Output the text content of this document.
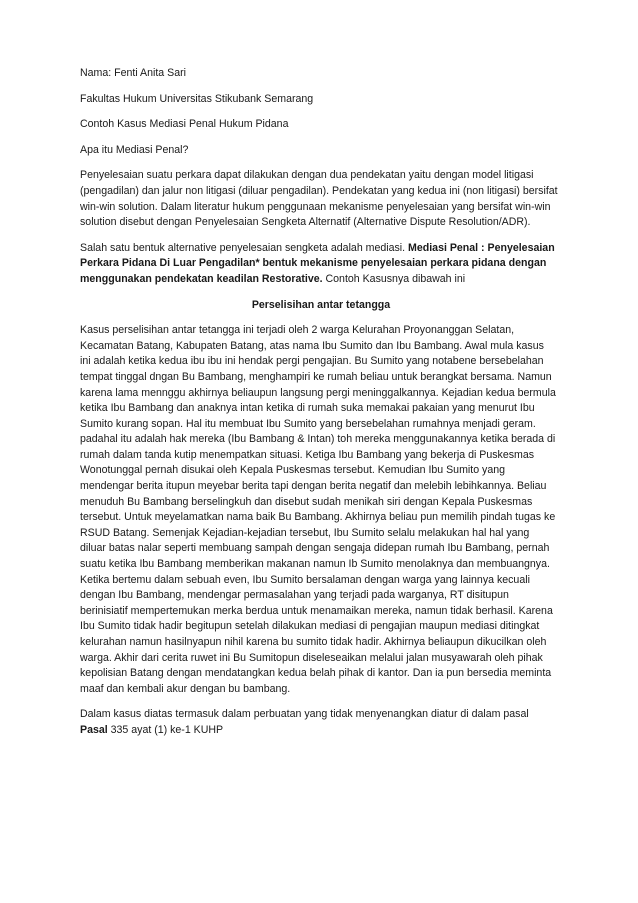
Nama: Fenti Anita Sari

Fakultas Hukum Universitas Stikubank Semarang

Contoh Kasus Mediasi Penal Hukum Pidana

Apa itu Mediasi Penal?

Penyelesaian suatu perkara dapat dilakukan dengan dua pendekatan yaitu dengan model litigasi
(pengadilan) dan jalur non litigasi (diluar pengadilan). Pendekatan yang kedua ini (non litigasi) bersifat
win-win solution. Dalam literatur hukum penggunaan mekanisme penyelesaian yang bersifat win-win
solution disebut dengan Penyelesaian Sengketa Alternatif (Alternative Dispute Resolution/ADR).

Salah satu bentuk alternative penyelesaian sengketa adalah mediasi. Mediasi Penal : Penyelesaian
Perkara Pidana Di Luar Pengadilan* bentuk mekanisme penyelesaian perkara pidana dengan
menggunakan pendekatan keadilan Restorative. Contoh Kasusnya dibawah ini

Perselisihan antar tetangga

Kasus perselisihan antar tetangga ini terjadi oleh 2 warga Kelurahan Proyonanggan Selatan,
Kecamatan Batang, Kabupaten Batang, atas nama Ibu Sumito dan Ibu Bambang. Awal mula kasus
ini adalah ketika kedua ibu ibu ini hendak pergi pengajian. Bu Sumito yang notabene bersebelahan
tempat tinggal dngan Bu Bambang, menghampiri ke rumah beliau untuk berangkat bersama. Namun
karena lama mennggu akhirnya beliaupun langsung pergi meninggalkannya. Kejadian kedua bermula
ketika Ibu Bambang dan anaknya intan ketika di rumah suka memakai pakaian yang menurut Ibu
Sumito kurang sopan. Hal itu membuat Ibu Sumito yang bersebelahan rumahnya menjadi geram.
padahal itu adalah hak mereka (Ibu Bambang & Intan) toh mereka menggunakannya ketika berada di
rumah dalam tanda kutip menempatkan situasi. Ketiga Ibu Bambang yang bekerja di Puskesmas
Wonotunggal pernah disukai oleh Kepala Puskesmas tersebut. Kemudian Ibu Sumito yang
mendengar berita itupun meyebar berita tapi dengan berita negatif dan melebih lebihkannya. Beliau
menuduh Bu Bambang berselingkuh dan disebut sudah menikah siri dengan Kepala Puskesmas
tersebut. Untuk meyelamatkan nama baik Bu Bambang. Akhirnya beliau pun memilih pindah tugas ke
RSUD Batang. Semenjak Kejadian-kejadian tersebut, Ibu Sumito selalu melakukan hal hal yang
diluar batas nalar seperti membuang sampah dengan sengaja didepan rumah Ibu Bambang, pernah
suatu ketika Ibu Bambang memberikan makanan namun Ib Sumito menolaknya dan membuangnya.
Ketika bertemu dalam sebuah even, Ibu Sumito bersalaman dengan warga yang lainnya kecuali
dengan Ibu Bambang, mendengar permasalahan yang terjadi pada warganya, RT disitupun
berinisiatif mempertemukan merka berdua untuk menamaikan mereka, namun tidak berhasil. Karena
Ibu Sumito tidak hadir begitupun setelah dilakukan mediasi di pengajian maupun mediasi ditingkat
kelurahan namun hasilnyapun nihil karena bu sumito tidak hadir. Akhirnya beliaupun dikucilkan oleh
warga. Akhir dari cerita ruwet ini Bu Sumitopun diseleseaikan melalui jalan musyawarah oleh pihak
kepolisian Batang dengan mendatangkan kedua belah pihak di kantor. Dan ia pun bersedia meminta
maaf dan kembali akur dengan bu bambang.

Dalam kasus diatas termasuk dalam perbuatan yang tidak menyenangkan diatur di dalam pasal
Pasal 335 ayat (1) ke-1 KUHP
